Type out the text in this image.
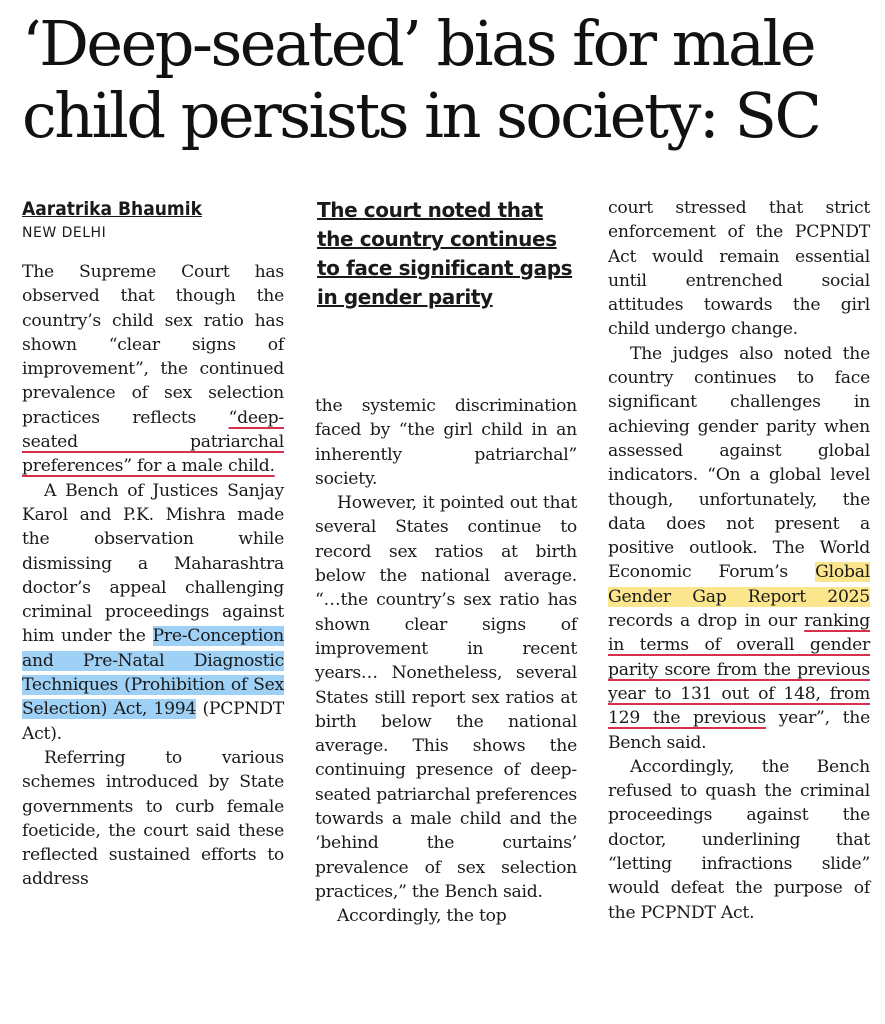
‘Deep-seated’ bias for male child persists in society: SC

Aaratrika Bhaumik

NEW DELHI

The Supreme Court has observed that though the country’s child sex ratio has shown “clear signs of improvement”, the continued prevalence of sex selection practices reflects “deep-seated patriarchal preferences” for a male child.

A Bench of Justices Sanjay Karol and P.K. Mishra made the observation while dismissing a Maharashtra doctor’s appeal challenging criminal proceedings against him under the Pre-Conception and Pre-Natal Diagnostic Techniques (Prohibition of Sex Selection) Act, 1994 (PCPNDT Act).

Referring to various schemes introduced by State governments to curb female foeticide, the court said these reflected sustained efforts to address

The court noted that the country continues to face significant gaps in gender parity

the systemic discrimination faced by “the girl child in an inherently patriarchal” society.

However, it pointed out that several States continue to record sex ratios at birth below the national average. “…the country’s sex ratio has shown clear signs of improvement in recent years… Nonetheless, several States still report sex ratios at birth below the national average. This shows the continuing presence of deep-seated patriarchal preferences towards a male child and the ‘behind the curtains’ prevalence of sex selection practices,” the Bench said.

Accordingly, the top

court stressed that strict enforcement of the PCPNDT Act would remain essential until entrenched social attitudes towards the girl child undergo change.

The judges also noted the country continues to face significant challenges in achieving gender parity when assessed against global indicators. “On a global level though, unfortunately, the data does not present a positive outlook. The World Economic Forum’s Global Gender Gap Report 2025 records a drop in our ranking in terms of overall gender parity score from the previous year to 131 out of 148, from 129 the previous year”, the Bench said.

Accordingly, the Bench refused to quash the criminal proceedings against the doctor, underlining that “letting infractions slide” would defeat the purpose of the PCPNDT Act.
